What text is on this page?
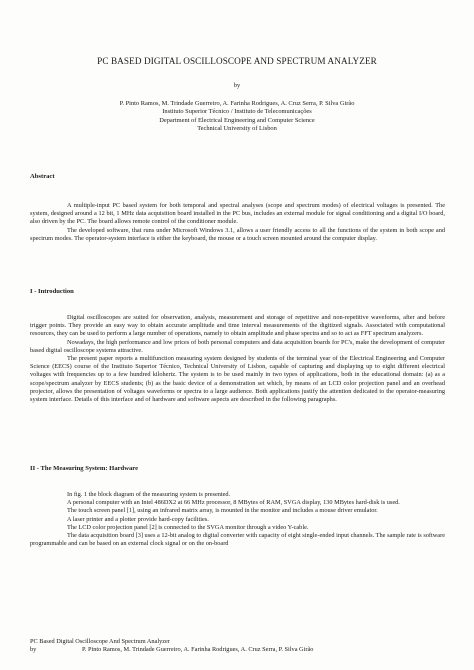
PC BASED DIGITAL OSCILLOSCOPE AND SPECTRUM ANALYZER
by
P. Pinto Ramos, M. Trindade Guerreiro, A. Farinha Rodrigues, A. Cruz Serra, P. Silva Girão
Instituto Superior Técnico / Instituto de Telecomunicações
Department of Electrical Engineering and Computer Science
Technical University of Lisbon
Abstract

A multiple-input PC based system for both temporal and spectral analyses (scope and spectrum modes) of electrical voltages is presented. The system, designed around a 12 bit, 1 MHz data acquisition board installed in the PC bus, includes an external module for signal conditioning and a digital I/O board, also driven by the PC. The board allows remote control of the conditioner module.

The developed software, that runs under Microsoft Windows 3.1, allows a user friendly access to all the functions of the system in both scope and spectrum modes. The operator-system interface is either the keyboard, the mouse or a touch screen mounted around the computer display.

I - Introduction

Digital oscilloscopes are suited for observation, analysis, measurement and storage of repetitive and non-repetitive waveforms, after and before trigger points. They provide an easy way to obtain accurate amplitude and time interval measurements of the digitized signals. Associated with computational resources, they can be used to perform a large number of operations, namely to obtain amplitude and phase spectra and so to act as FFT spectrum analyzers.

Nowadays, the high performance and low prices of both personal computers and data acquisition boards for PC's, make the development of computer based digital oscilloscope systems attractive.

The present paper reports a multifunction measuring system designed by students of the terminal year of the Electrical Engineering and Computer Science (EECS) course of the Instituto Superior Técnico, Technical University of Lisbon, capable of capturing and displaying up to eight different electrical voltages with frequencies up to a few hundred kilohertz. The system is to be used mainly in two types of applications, both in the educational domain: (a) as a scope/spectrum analyzer by EECS students; (b) as the basic device of a demonstration set which, by means of an LCD color projection panel and an overhead projector, allows the presentation of voltages waveforms or spectra to a large audience. Both applications justify the attention dedicated to the operator-measuring system interface. Details of this interface and of hardware and software aspects are described in the following paragraphs.

II - The Measuring System: Hardware

In fig. 1 the block diagram of the measuring system is presented.

A personal computer with an Intel 486DX2 at 66 MHz processor, 8 MBytes of RAM, SVGA display, 130 MBytes hard-disk is used.

The touch screen panel [1], using an infrared matrix array, is mounted in the monitor and includes a mouse driver emulator.

A laser printer and a plotter provide hard-copy facilities.

The LCD color projection panel [2] is connected to the SVGA monitor through a video Y-cable.

The data acquisition board [3] uses a 12-bit analog to digital converter with capacity of eight single-ended input channels. The sample rate is software programmable and can be based on an external clock signal or on the on-board

PC Based Digital Oscilloscope And Spectrum Analyzer
by	P. Pinto Ramos, M. Trindade Guerreiro, A. Farinha Rodrigues, A. Cruz Serra, P. Silva Girão
